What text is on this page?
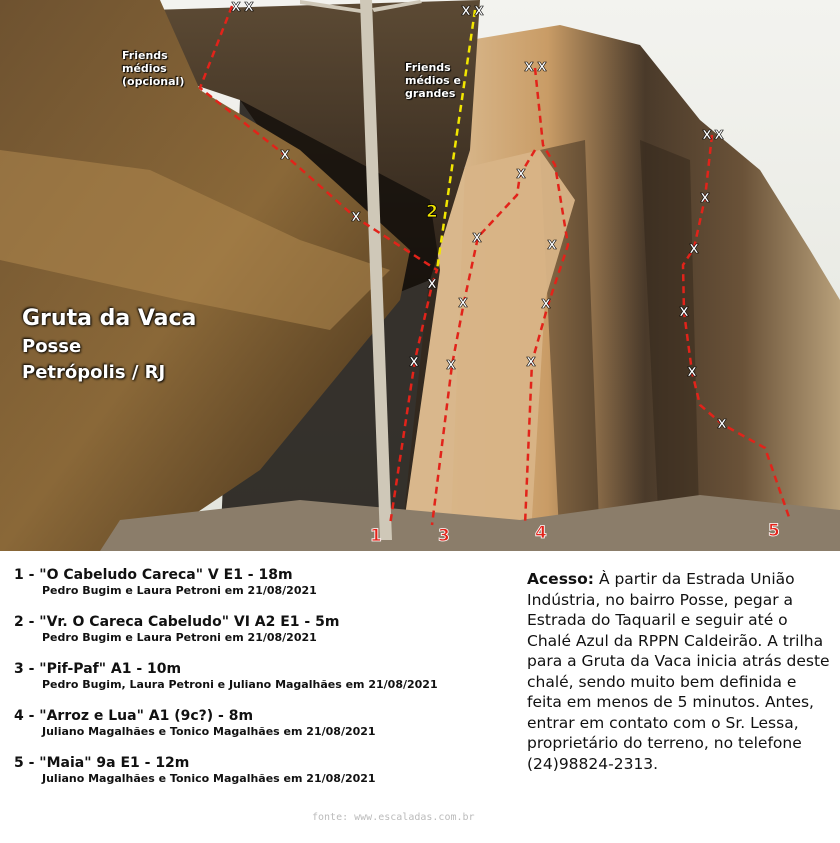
X X	X X
X X
X X
X
X
X
X
X
X
X
X
X
X
X
X
X
X
X
X
1
2
3	4	5
Gruta da Vaca
Posse
Petrópolis / RJ
Friends
médios
(opcional)
Friends
médios e
grandes
1 - "O Cabeludo Careca" V E1 - 18m
Pedro Bugim e Laura Petroni em 21/08/2021
2 - "Vr. O Careca Cabeludo" VI A2 E1 - 5m
Pedro Bugim e Laura Petroni em 21/08/2021
3 - "Pif-Paf" A1 - 10m
Pedro Bugim, Laura Petroni e Juliano Magalhães em 21/08/2021
4 - "Arroz e Lua" A1 (9c?) - 8m
Juliano Magalhães e Tonico Magalhães em 21/08/2021
5 - "Maia" 9a E1 - 12m
Juliano Magalhães e Tonico Magalhães em 21/08/2021
Acesso: À partir da Estrada União Indústria, no bairro Posse, pegar a Estrada do Taquaril e seguir até o Chalé Azul da RPPN Caldeirão. A trilha para a Gruta da Vaca inicia atrás deste chalé, sendo muito bem definida e feita em menos de 5 minutos. Antes, entrar em contato com o Sr. Lessa, proprietário do terreno, no telefone (24)98824-2313.
fonte: www.escaladas.com.br
